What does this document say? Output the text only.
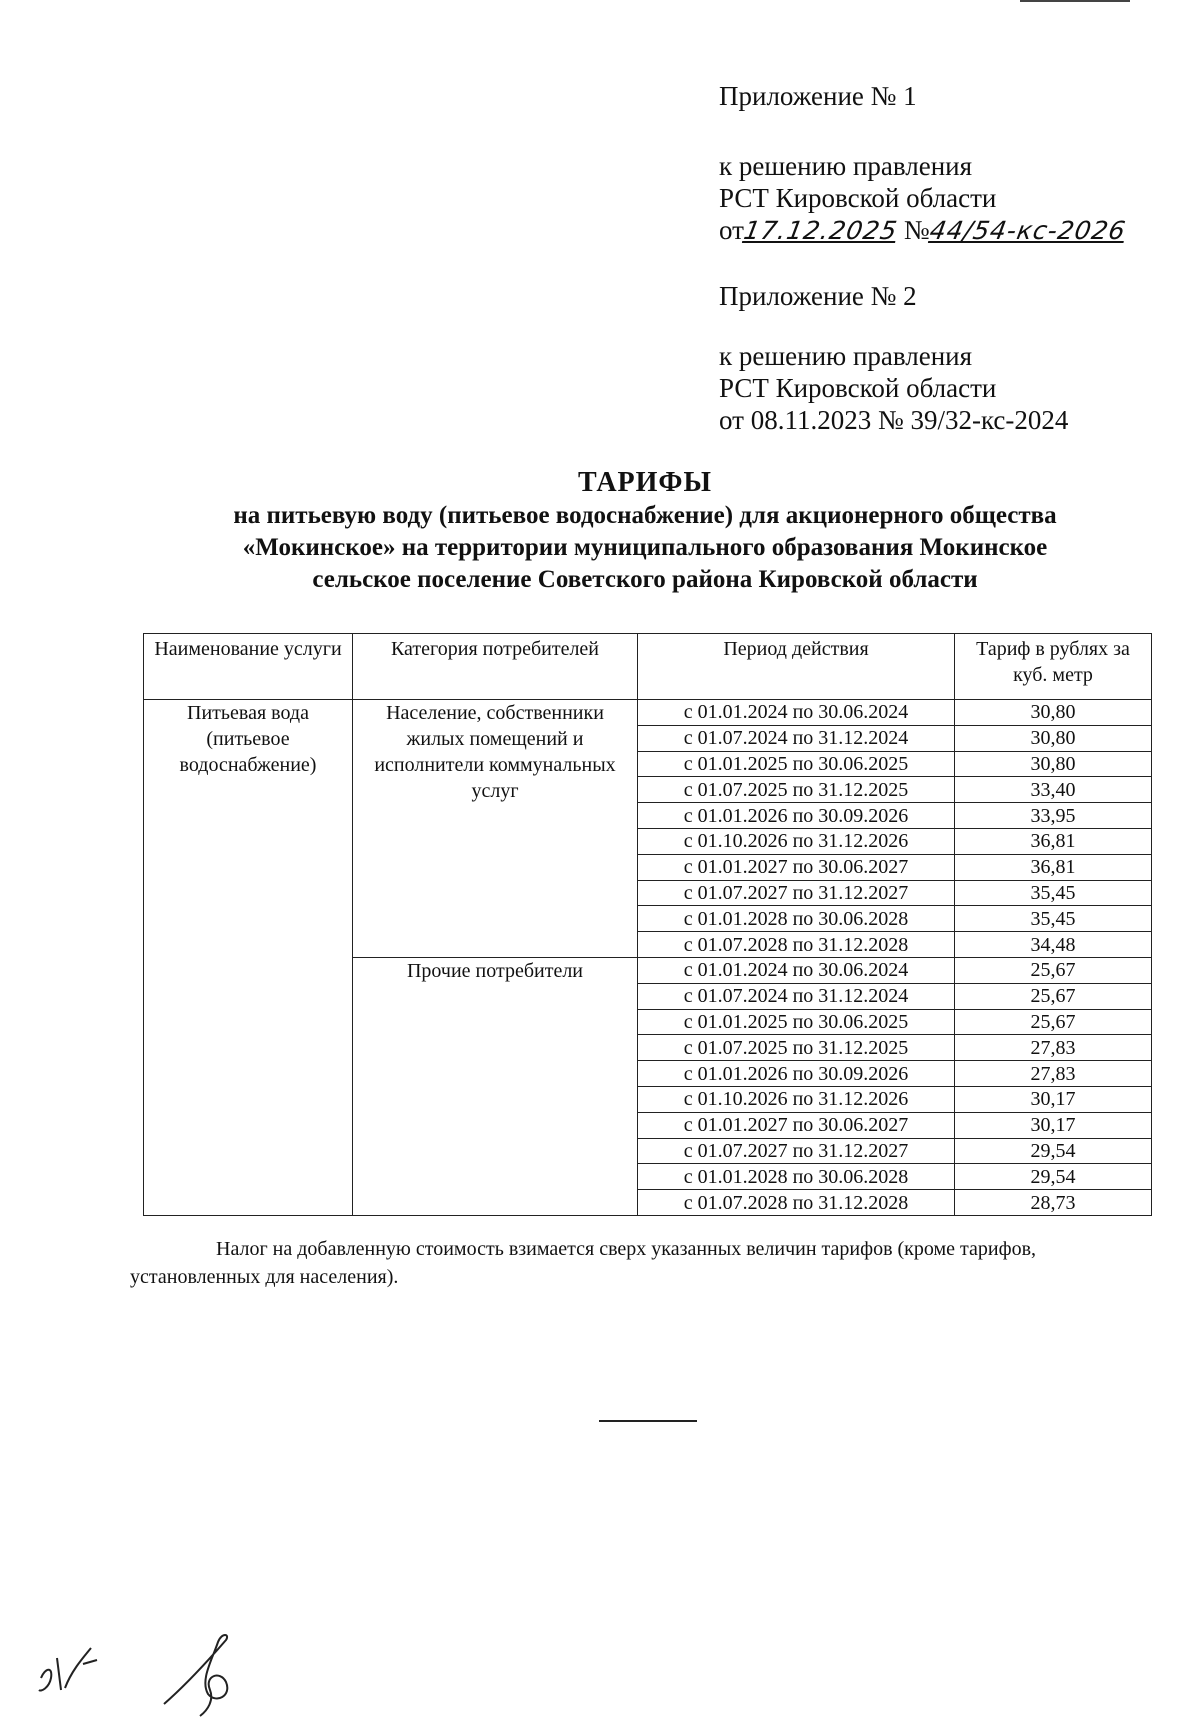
Приложение № 1
к решению правления
РСТ Кировской области
от17.12.2025 №44/54-кс-2026
Приложение № 2
к решению правления
РСТ Кировской области
от 08.11.2023 № 39/32-кс-2024
ТАРИФЫ
на питьевую воду (питьевое водоснабжение) для акционерного общества
«Мокинское» на территории муниципального образования Мокинское
сельское поселение Советского района Кировской области
Наименование услуги	Категория потребителей	Период действия	Тариф в рублях за куб. метр
Питьевая вода (питьевое водоснабжение)	Население, собственники жилых помещений и исполнители коммунальных услуг	с 01.01.2024 по 30.06.2024	30,80
		с 01.07.2024 по 31.12.2024	30,80
		с 01.01.2025 по 30.06.2025	30,80
		с 01.07.2025 по 31.12.2025	33,40
		с 01.01.2026 по 30.09.2026	33,95
		с 01.10.2026 по 31.12.2026	36,81
		с 01.01.2027 по 30.06.2027	36,81
		с 01.07.2027 по 31.12.2027	35,45
		с 01.01.2028 по 30.06.2028	35,45
		с 01.07.2028 по 31.12.2028	34,48
	Прочие потребители	с 01.01.2024 по 30.06.2024	25,67
		с 01.07.2024 по 31.12.2024	25,67
		с 01.01.2025 по 30.06.2025	25,67
		с 01.07.2025 по 31.12.2025	27,83
		с 01.01.2026 по 30.09.2026	27,83
		с 01.10.2026 по 31.12.2026	30,17
		с 01.01.2027 по 30.06.2027	30,17
		с 01.07.2027 по 31.12.2027	29,54
		с 01.01.2028 по 30.06.2028	29,54
		с 01.07.2028 по 31.12.2028	28,73
Налог на добавленную стоимость взимается сверх указанных величин тарифов (кроме тарифов, установленных для населения).
